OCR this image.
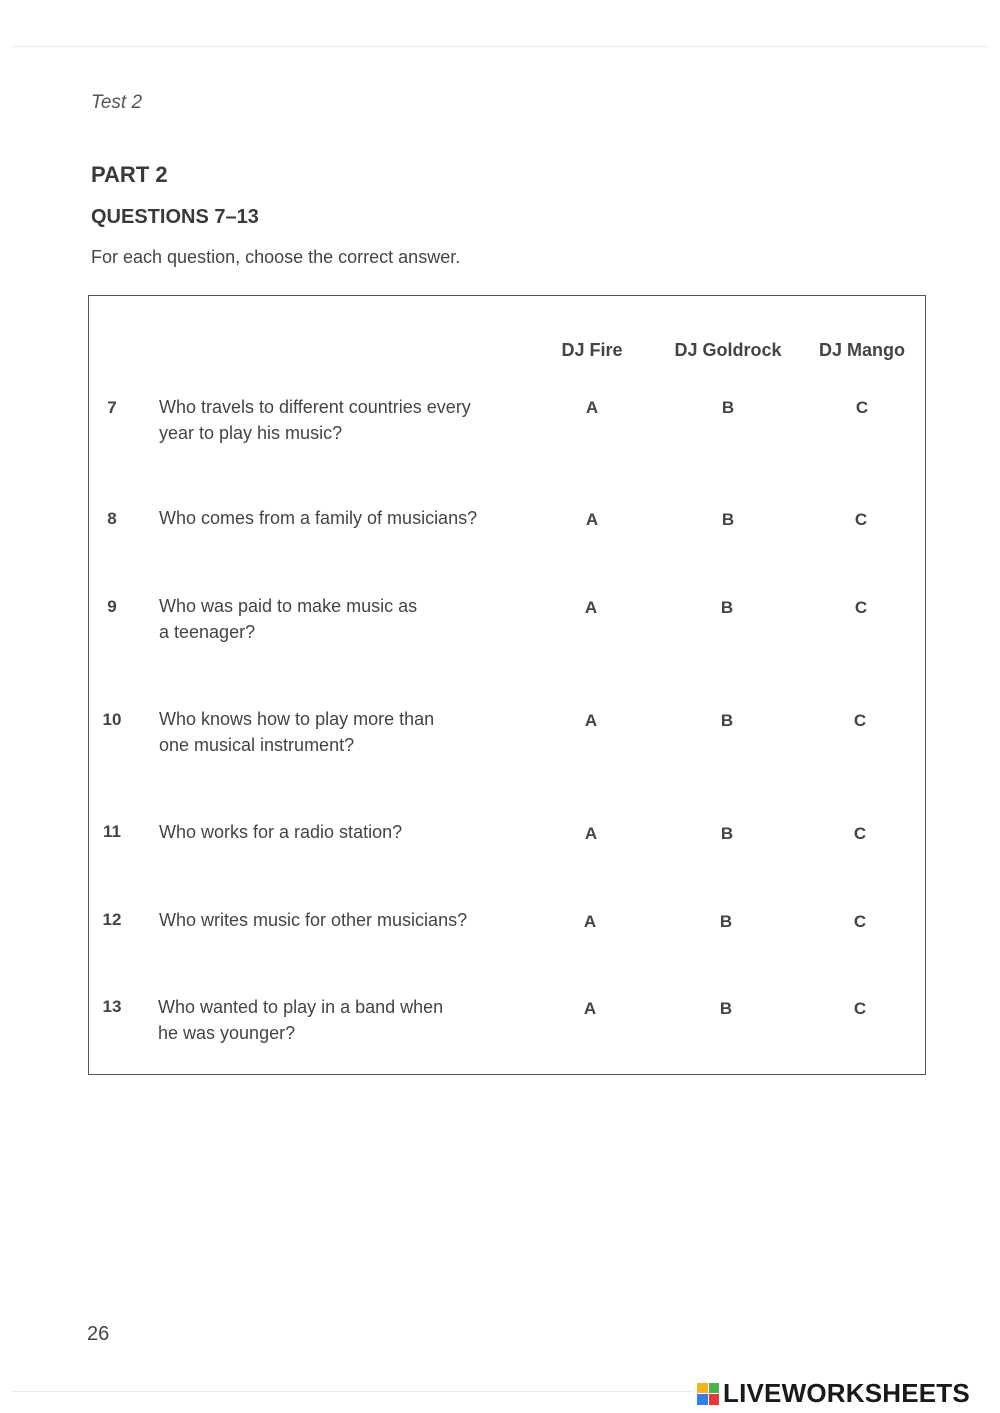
Test 2
PART 2
QUESTIONS 7–13
For each question, choose the correct answer.
DJ Fire	DJ Goldrock	DJ Mango
7	Who travels to different countries every
year to play his music?
A	B	C
8	Who comes from a family of musicians?	A	B	C
9	Who was paid to make music as
a teenager?
A	B	C
10	Who knows how to play more than
one musical instrument?
A	B	C
11	Who works for a radio station?	A	B	C
12	Who writes music for other musicians?	A	B	C
13	Who wanted to play in a band when
he was younger?
A	B	C
26
LIVEWORKSHEETS
